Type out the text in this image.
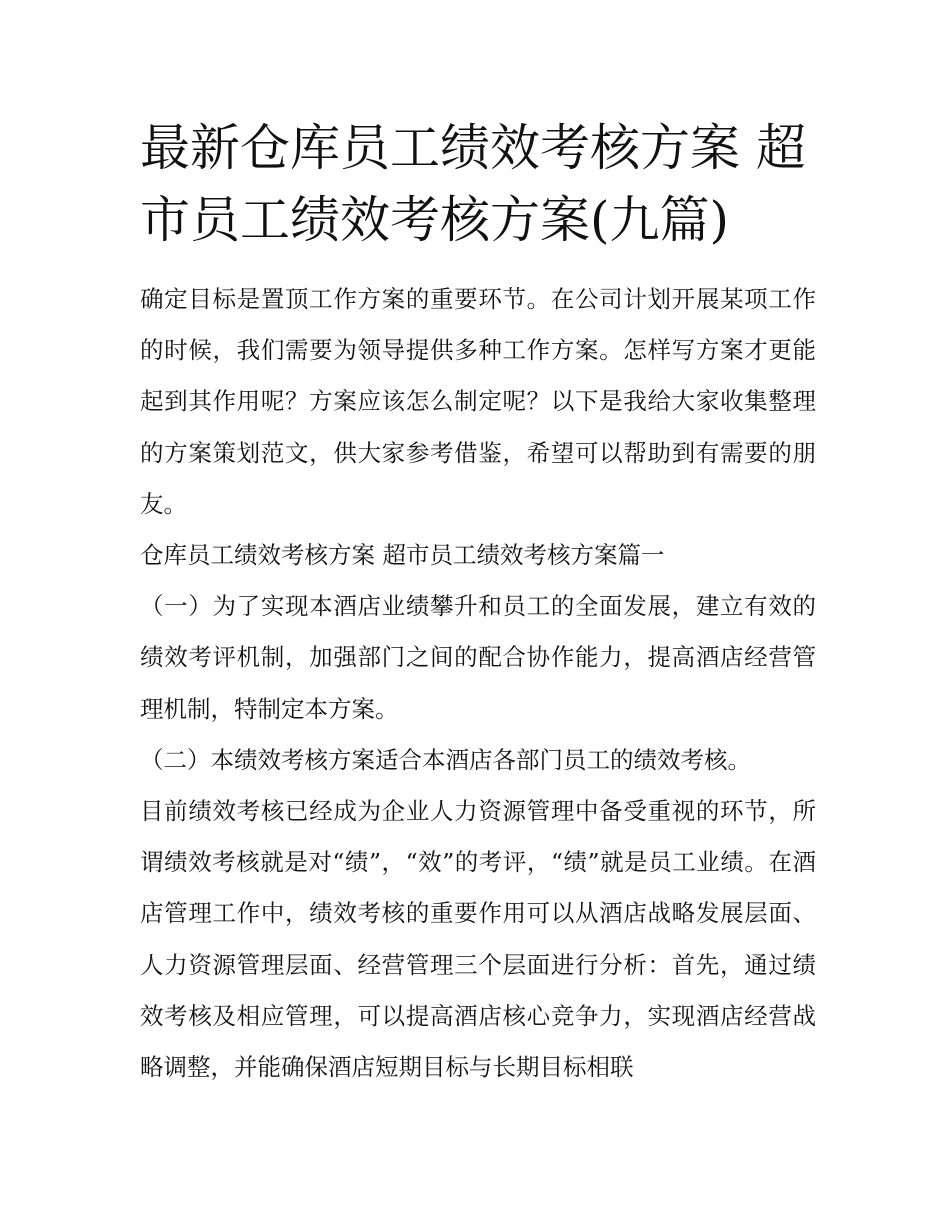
最新仓库员工绩效考核方案 超市员工绩效考核方案(九篇)

确定目标是置顶工作方案的重要环节。在公司计划开展某项工作的时候，我们需要为领导提供多种工作方案。怎样写方案才更能起到其作用呢？方案应该怎么制定呢？以下是我给大家收集整理的方案策划范文，供大家参考借鉴，希望可以帮助到有需要的朋友。

仓库员工绩效考核方案 超市员工绩效考核方案篇一

（一）为了实现本酒店业绩攀升和员工的全面发展，建立有效的绩效考评机制，加强部门之间的配合协作能力，提高酒店经营管理机制，特制定本方案。

（二）本绩效考核方案适合本酒店各部门员工的绩效考核。

目前绩效考核已经成为企业人力资源管理中备受重视的环节，所谓绩效考核就是对“绩”，“效”的考评，“绩”就是员工业绩。在酒店管理工作中，绩效考核的重要作用可以从酒店战略发展层面、人力资源管理层面、经营管理三个层面进行分析：首先，通过绩效考核及相应管理，可以提高酒店核心竞争力，实现酒店经营战略调整，并能确保酒店短期目标与长期目标相联
